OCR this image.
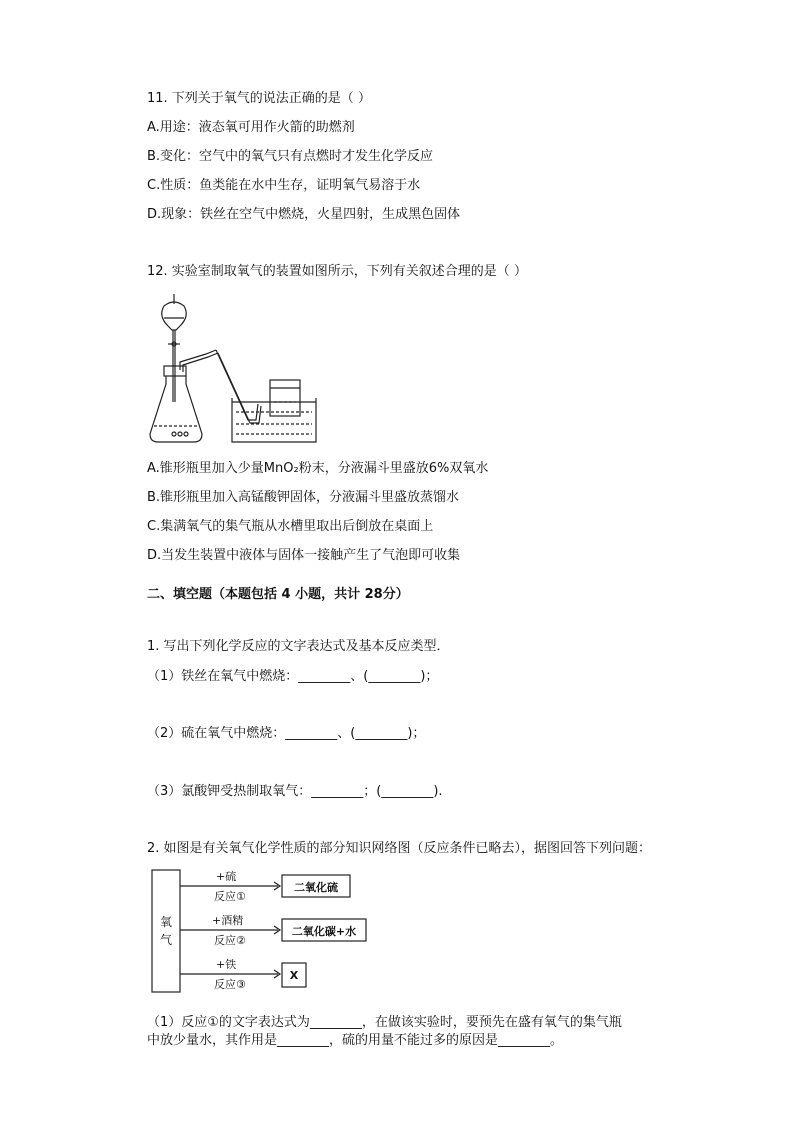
11. 下列关于氧气的说法正确的是（ ）
A.用途：液态氧可用作火箭的助燃剂
B.变化：空气中的氧气只有点燃时才发生化学反应
C.性质：鱼类能在水中生存，证明氧气易溶于水
D.现象：铁丝在空气中燃烧，火星四射，生成黑色固体
12. 实验室制取氧气的装置如图所示，下列有关叙述合理的是（ ）
A.锥形瓶里加入少量MnO₂粉末，分液漏斗里盛放6%双氧水
B.锥形瓶里加入高锰酸钾固体，分液漏斗里盛放蒸馏水
C.集满氧气的集气瓶从水槽里取出后倒放在桌面上
D.当发生装置中液体与固体一接触产生了气泡即可收集
二、填空题（本题包括 4 小题，共计 28分）
1. 写出下列化学反应的文字表达式及基本反应类型．
（1）铁丝在氧气中燃烧：________、(________)；
（2）硫在氧气中燃烧：________、(________)；
（3）氯酸钾受热制取氧气：________；(________).
2. 如图是有关氧气化学性质的部分知识网络图（反应条件已略去），据图回答下列问题：
氧
气
+硫
反应①
二氧化硫
+酒精
反应②
二氧化碳+水
+铁
反应③
X
（1）反应①的文字表达式为________，在做该实验时，要预先在盛有氧气的集气瓶
中放少量水，其作用是________，硫的用量不能过多的原因是________。
